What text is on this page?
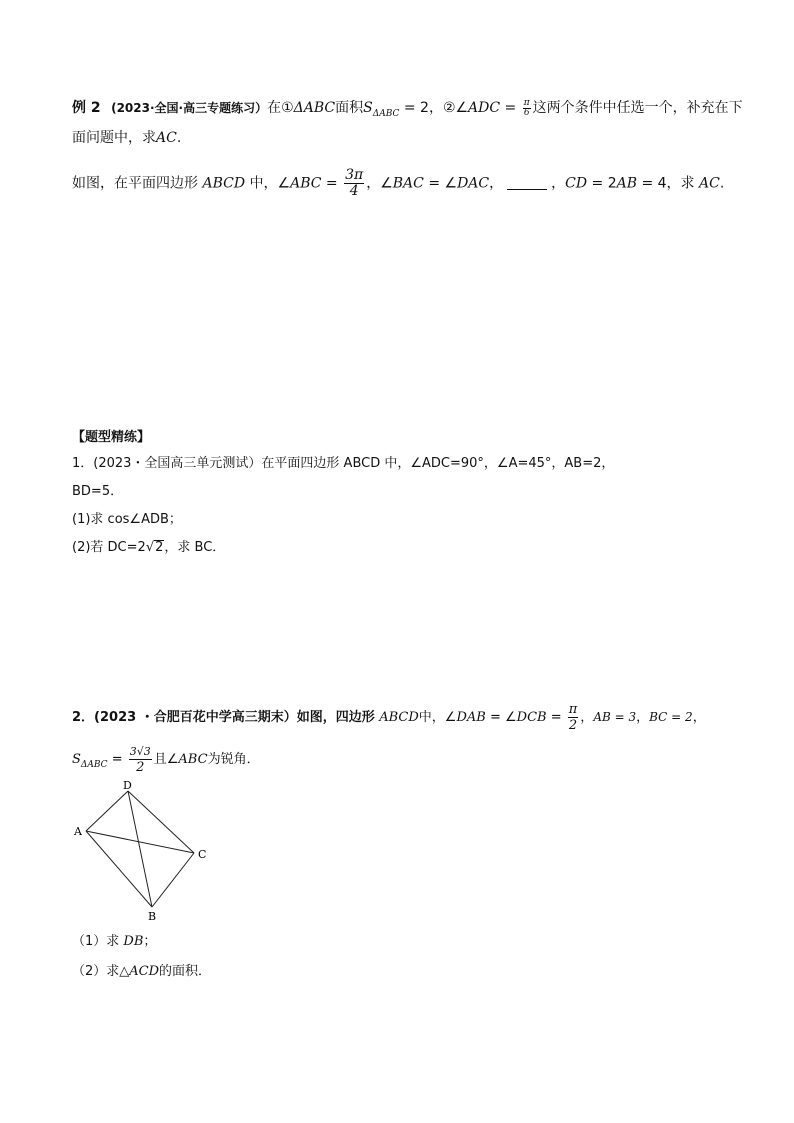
例 2 (2023·全国·高三专题练习）在①ΔABC面积$S_{\Delta ABC} = 2$，②∠ADC = $\frac{\pi}{6}$ 这两个条件中任选一个，补充在下
面问题中，求AC.
如图，在平面四边形 ABCD 中，∠ABC = $\frac{3\pi}{4}$ ，∠BAC = ∠DAC，	，CD = 2AB = 4，求 AC.
【题型精练】
1．(2023・全国高三单元测试）在平面四边形 ABCD 中，∠ADC=90°，∠A=45°，AB=2，
BD=5．
(1)求 cos∠ADB；
(2)若 DC=2√2，求 BC．
2．(2023 ・合肥百花中学高三期末）如图，四边形 ABCD中，∠DAB = ∠DCB = $\frac{\pi}{2}$ ，AB = 3，BC = 2，
$S_{\Delta ABC} = \frac{3√3}{2}$ 且∠ABC为锐角．
D
A
C
B
（1）求 DB；
（2）求△ACD的面积．
